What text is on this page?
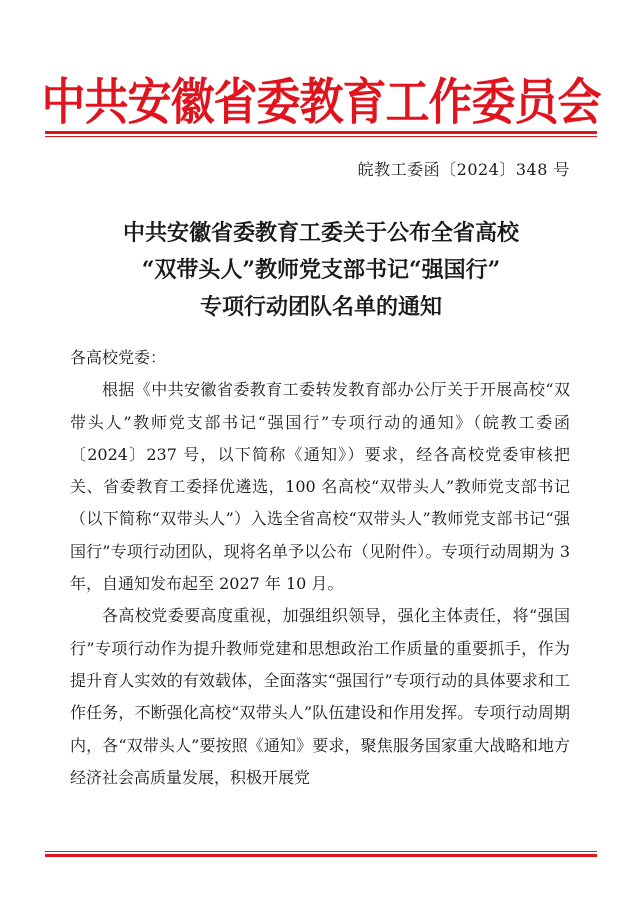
中共安徽省委教育工作委员会
皖教工委函〔2024〕348 号
中共安徽省委教育工委关于公布全省高校
“双带头人”教师党支部书记“强国行”
专项行动团队名单的通知

各高校党委：

根据《中共安徽省委教育工委转发教育部办公厅关于开展高校“双带头人”教师党支部书记“强国行”专项行动的通知》（皖教工委函〔2024〕237 号，以下简称《通知》）要求，经各高校党委审核把关、省委教育工委择优遴选，100 名高校“双带头人”教师党支部书记（以下简称“双带头人”）入选全省高校“双带头人”教师党支部书记“强国行”专项行动团队，现将名单予以公布（见附件）。专项行动周期为 3 年，自通知发布起至 2027 年 10 月。

各高校党委要高度重视，加强组织领导，强化主体责任，将“强国行”专项行动作为提升教师党建和思想政治工作质量的重要抓手，作为提升育人实效的有效载体，全面落实“强国行”专项行动的具体要求和工作任务，不断强化高校“双带头人”队伍建设和作用发挥。专项行动周期内，各“双带头人”要按照《通知》要求，聚焦服务国家重大战略和地方经济社会高质量发展，积极开展党
